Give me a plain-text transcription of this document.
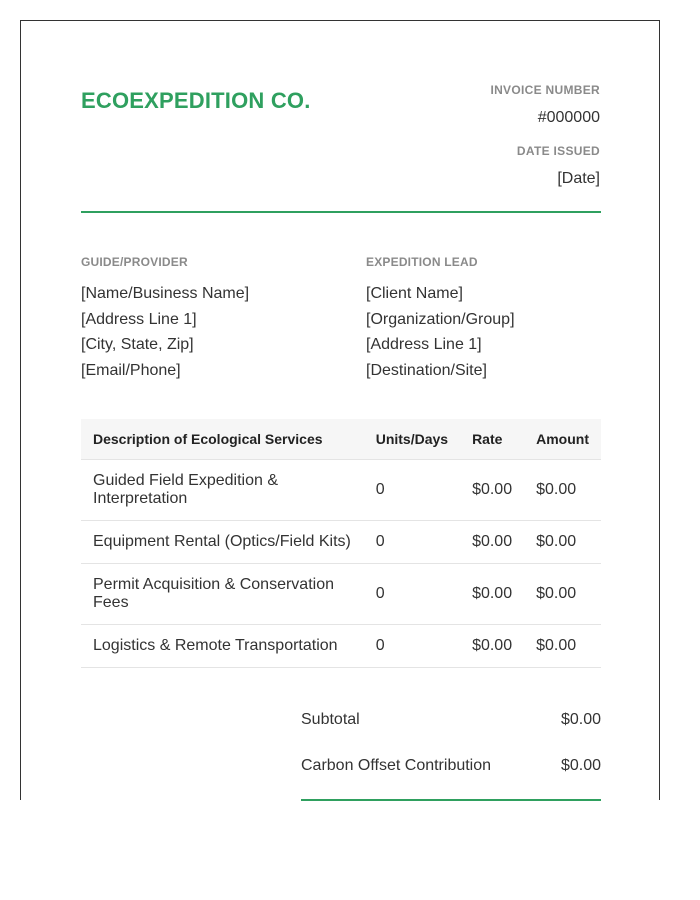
ECOEXPEDITION CO.	INVOICE NUMBER
#000000
DATE ISSUED
[Date]
GUIDE/PROVIDER
[Name/Business Name]
[Address Line 1]
[City, State, Zip]
[Email/Phone]
EXPEDITION LEAD
[Client Name]
[Organization/Group]
[Address Line 1]
[Destination/Site]
Description of Ecological Services	Units/Days	Rate	Amount
Guided Field Expedition & Interpretation	0	$0.00	$0.00
Equipment Rental (Optics/Field Kits)	0	$0.00	$0.00
Permit Acquisition & Conservation Fees	0	$0.00	$0.00
Logistics & Remote Transportation	0	$0.00	$0.00
Subtotal	$0.00
Carbon Offset Contribution	$0.00
